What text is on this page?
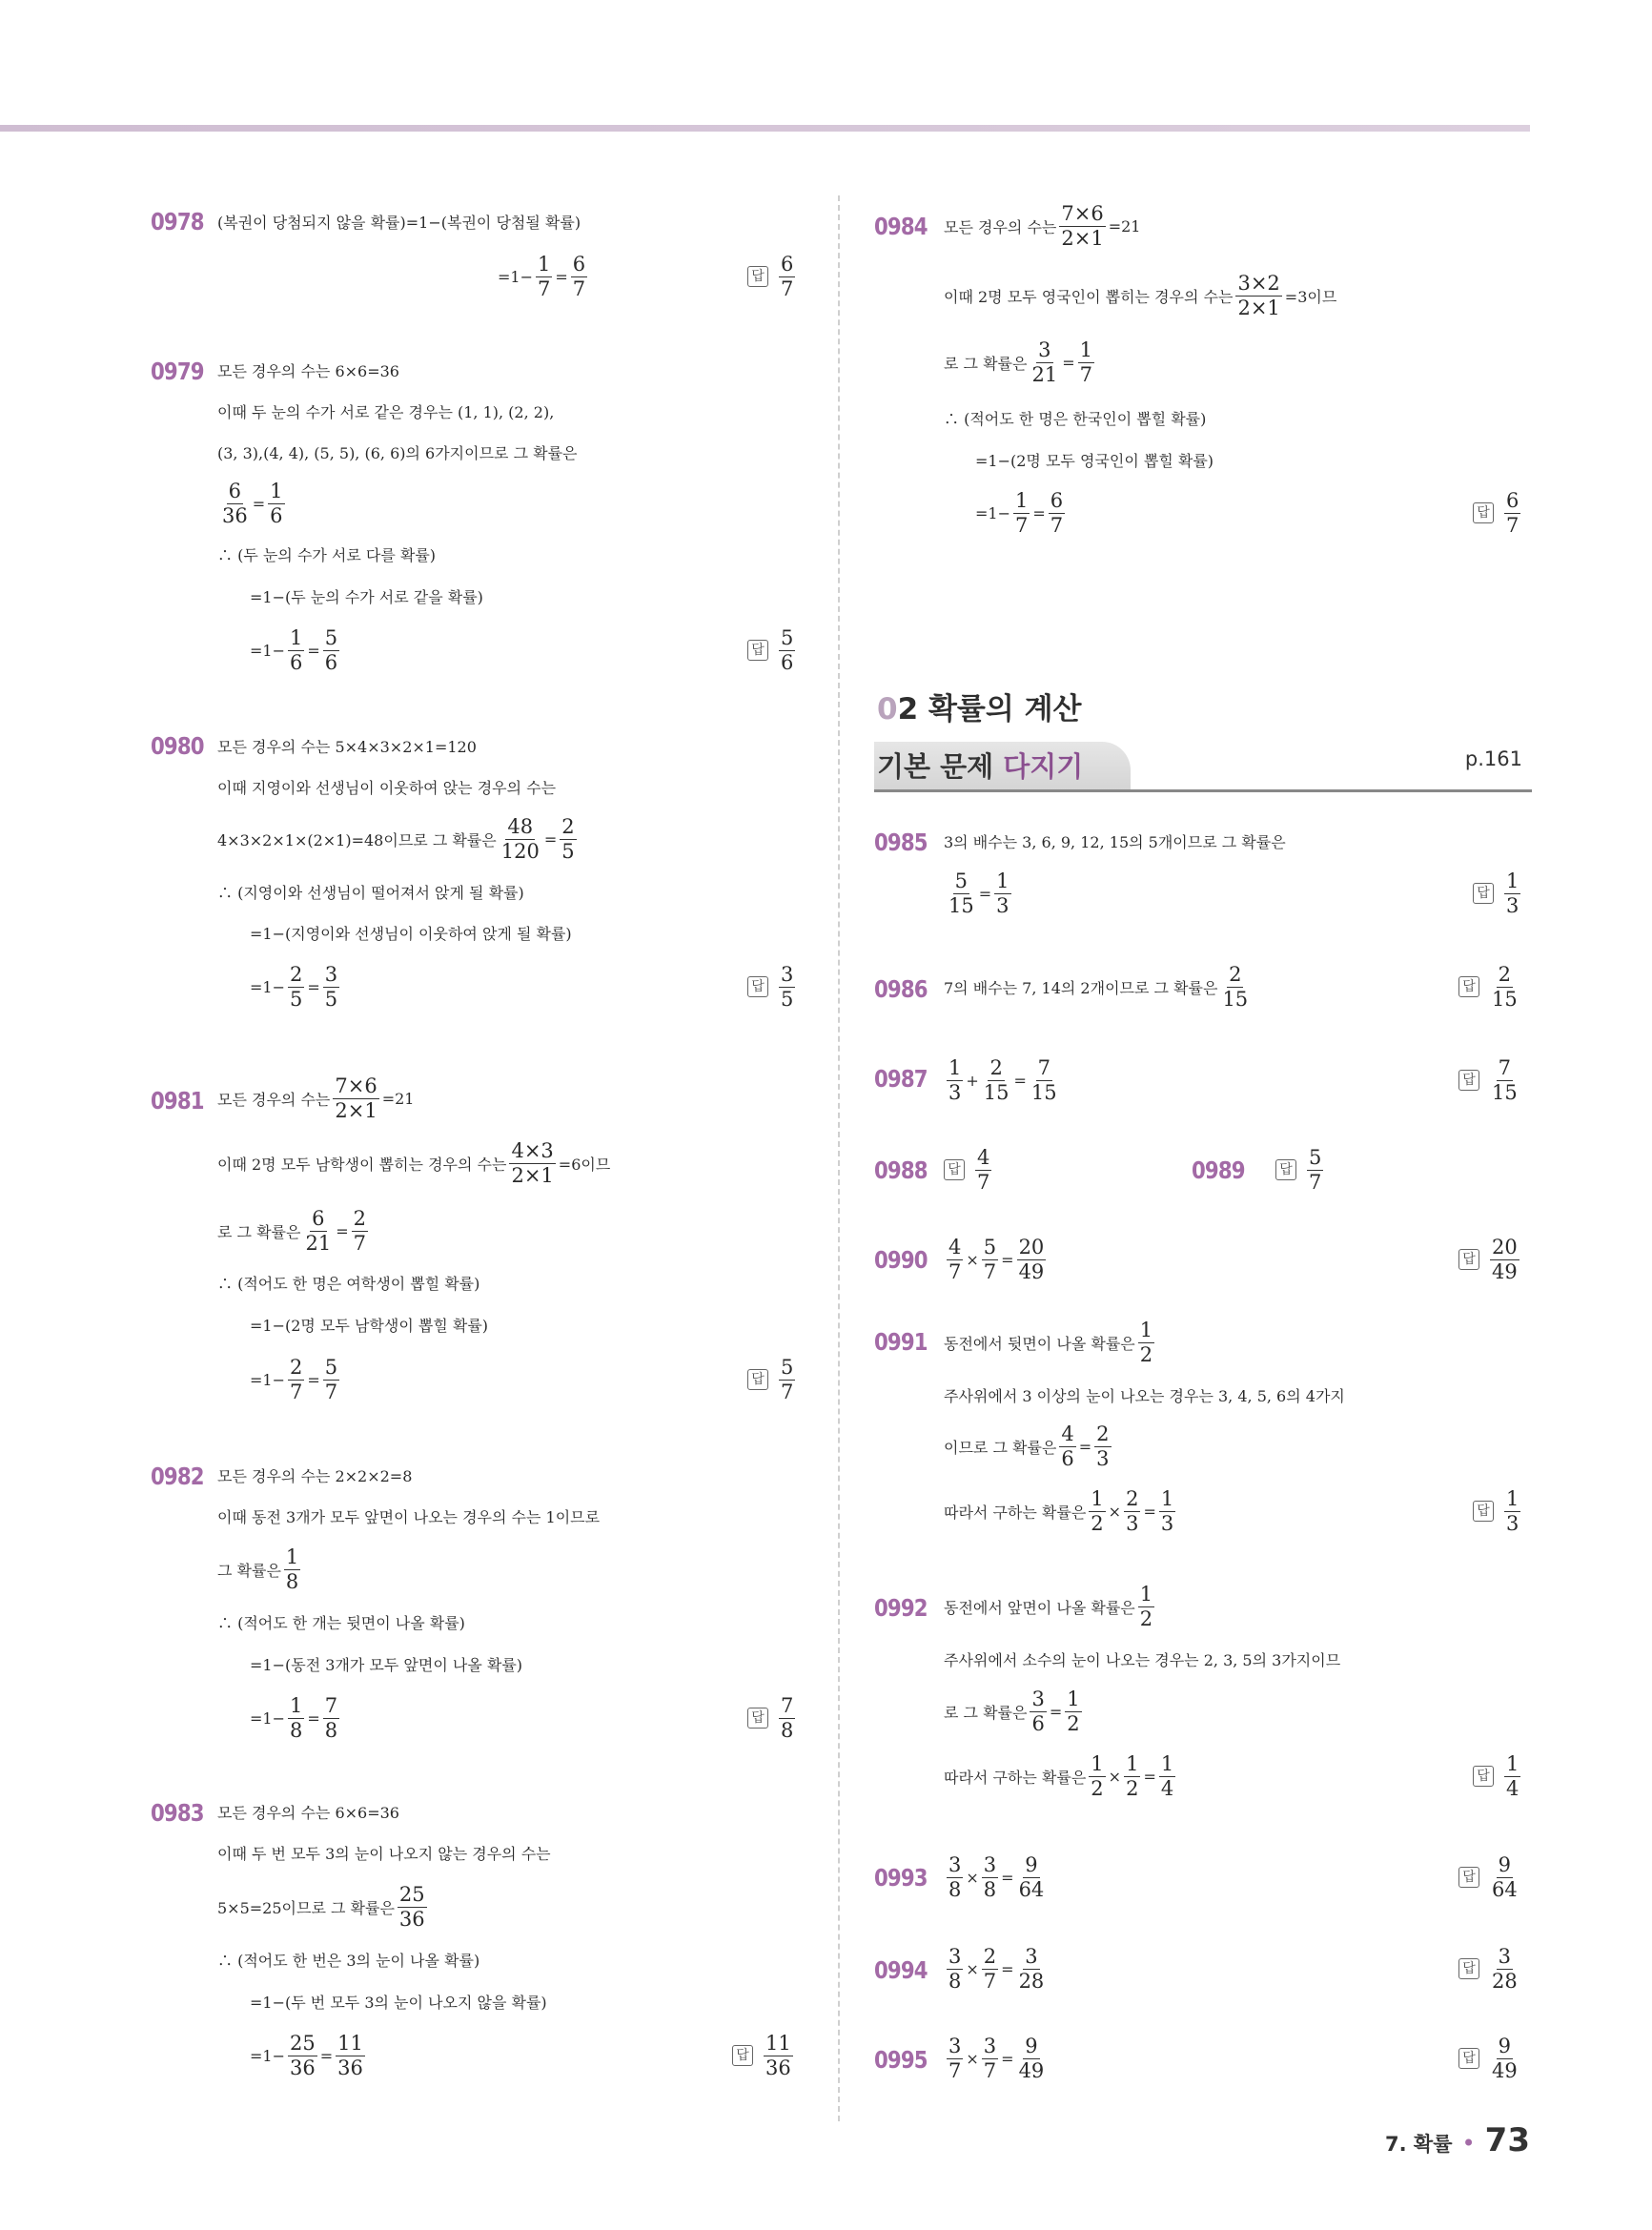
0978 (복권이 당첨되지 않을 확률)=1−(복권이 당첨될 확률)
$=1- \frac{1}{7} = \frac{6}{7}$	답 $\frac{6}{7}$
0979 모든 경우의 수는 6×6=36
이때 두 눈의 수가 서로 같은 경우는 (1, 1), (2, 2),
(3, 3),(4, 4), (5, 5), (6, 6)의 6가지이므로 그 확률은
$\frac{6}{36} = \frac{1}{6}$
∴ (두 눈의 수가 서로 다를 확률)
=1−(두 눈의 수가 서로 같을 확률)
$=1- \frac{1}{6} = \frac{5}{6}$	답 $\frac{5}{6}$
0980 모든 경우의 수는 5×4×3×2×1=120
이때 지영이와 선생님이 이웃하여 앉는 경우의 수는
4×3×2×1×(2×1)=48이므로 그 확률은 $\frac{48}{120} = \frac{2}{5}$
∴ (지영이와 선생님이 떨어져서 앉게 될 확률)
=1−(지영이와 선생님이 이웃하여 앉게 될 확률)
$=1- \frac{2}{5} = \frac{3}{5}$	답 $\frac{3}{5}$
0981 모든 경우의 수는 $\frac{7\times 6}{2\times 1} =21$
이때 2명 모두 남학생이 뽑히는 경우의 수는 $\frac{4\times 3}{2\times 1} =6$이므
로 그 확률은 $\frac{6}{21} = \frac{2}{7}$
∴ (적어도 한 명은 여학생이 뽑힐 확률)
=1−(2명 모두 남학생이 뽑힐 확률)
$=1- \frac{2}{7} = \frac{5}{7}$	답 $\frac{5}{7}$
0982 모든 경우의 수는 2×2×2=8
이때 동전 3개가 모두 앞면이 나오는 경우의 수는 1이므로
그 확률은 $\frac{1}{8}$
∴ (적어도 한 개는 뒷면이 나올 확률)
=1−(동전 3개가 모두 앞면이 나올 확률)
$=1- \frac{1}{8} = \frac{7}{8}$	답 $\frac{7}{8}$
0983 모든 경우의 수는 6×6=36
이때 두 번 모두 3의 눈이 나오지 않는 경우의 수는
5×5=25이므로 그 확률은 $\frac{25}{36}$
∴ (적어도 한 번은 3의 눈이 나올 확률)
=1−(두 번 모두 3의 눈이 나오지 않을 확률)
$=1- \frac{25}{36} = \frac{11}{36}$	답 $\frac{11}{36}$
0984 모든 경우의 수는 $\frac{7\times 6}{2\times 1} =21$
이때 2명 모두 영국인이 뽑히는 경우의 수는 $\frac{3\times 2}{2\times 1} =3$이므
로 그 확률은 $\frac{3}{21} = \frac{1}{7}$
∴ (적어도 한 명은 한국인이 뽑힐 확률)
=1−(2명 모두 영국인이 뽑힐 확률)
$=1- \frac{1}{7} = \frac{6}{7}$	답 $\frac{6}{7}$
02 확률의 계산
기본 문제 다지기	p.161
0985 3의 배수는 3, 6, 9, 12, 15의 5개이므로 그 확률은
$\frac{5}{15} = \frac{1}{3}$	답 $\frac{1}{3}$
0986 7의 배수는 7, 14의 2개이므로 그 확률은 $\frac{2}{15}$	답 $\frac{2}{15}$
$0987 \frac{1}{3} + \frac{2}{15} = \frac{7}{15}$	답 $\frac{7}{15}$
0988	답 $\frac{4}{7}$	0989	답 $\frac{5}{7}$
$0990 \frac{4}{7} \times \frac{5}{7} = \frac{20}{49}$	답 $\frac{20}{49}$
0991 동전에서 뒷면이 나올 확률은 $\frac{1}{2}$
주사위에서 3 이상의 눈이 나오는 경우는 3, 4, 5, 6의 4가지
이므로 그 확률은 $\frac{4}{6} = \frac{2}{3}$
따라서 구하는 확률은 $\frac{1}{2} \times \frac{2}{3} = \frac{1}{3}$	답 $\frac{1}{3}$
0992 동전에서 앞면이 나올 확률은 $\frac{1}{2}$
주사위에서 소수의 눈이 나오는 경우는 2, 3, 5의 3가지이므
로 그 확률은 $\frac{3}{6} = \frac{1}{2}$
따라서 구하는 확률은 $\frac{1}{2} \times \frac{1}{2} = \frac{1}{4}$	답 $\frac{1}{4}$
$0993 \frac{3}{8} \times \frac{3}{8} = \frac{9}{64}$	답 $\frac{9}{64}$
$0994 \frac{3}{8} \times \frac{2}{7} = \frac{3}{28}$	답 $\frac{3}{28}$
$0995 \frac{3}{7} \times \frac{3}{7} = \frac{9}{49}$	답 $\frac{9}{49}$
7. 확률 • 73
